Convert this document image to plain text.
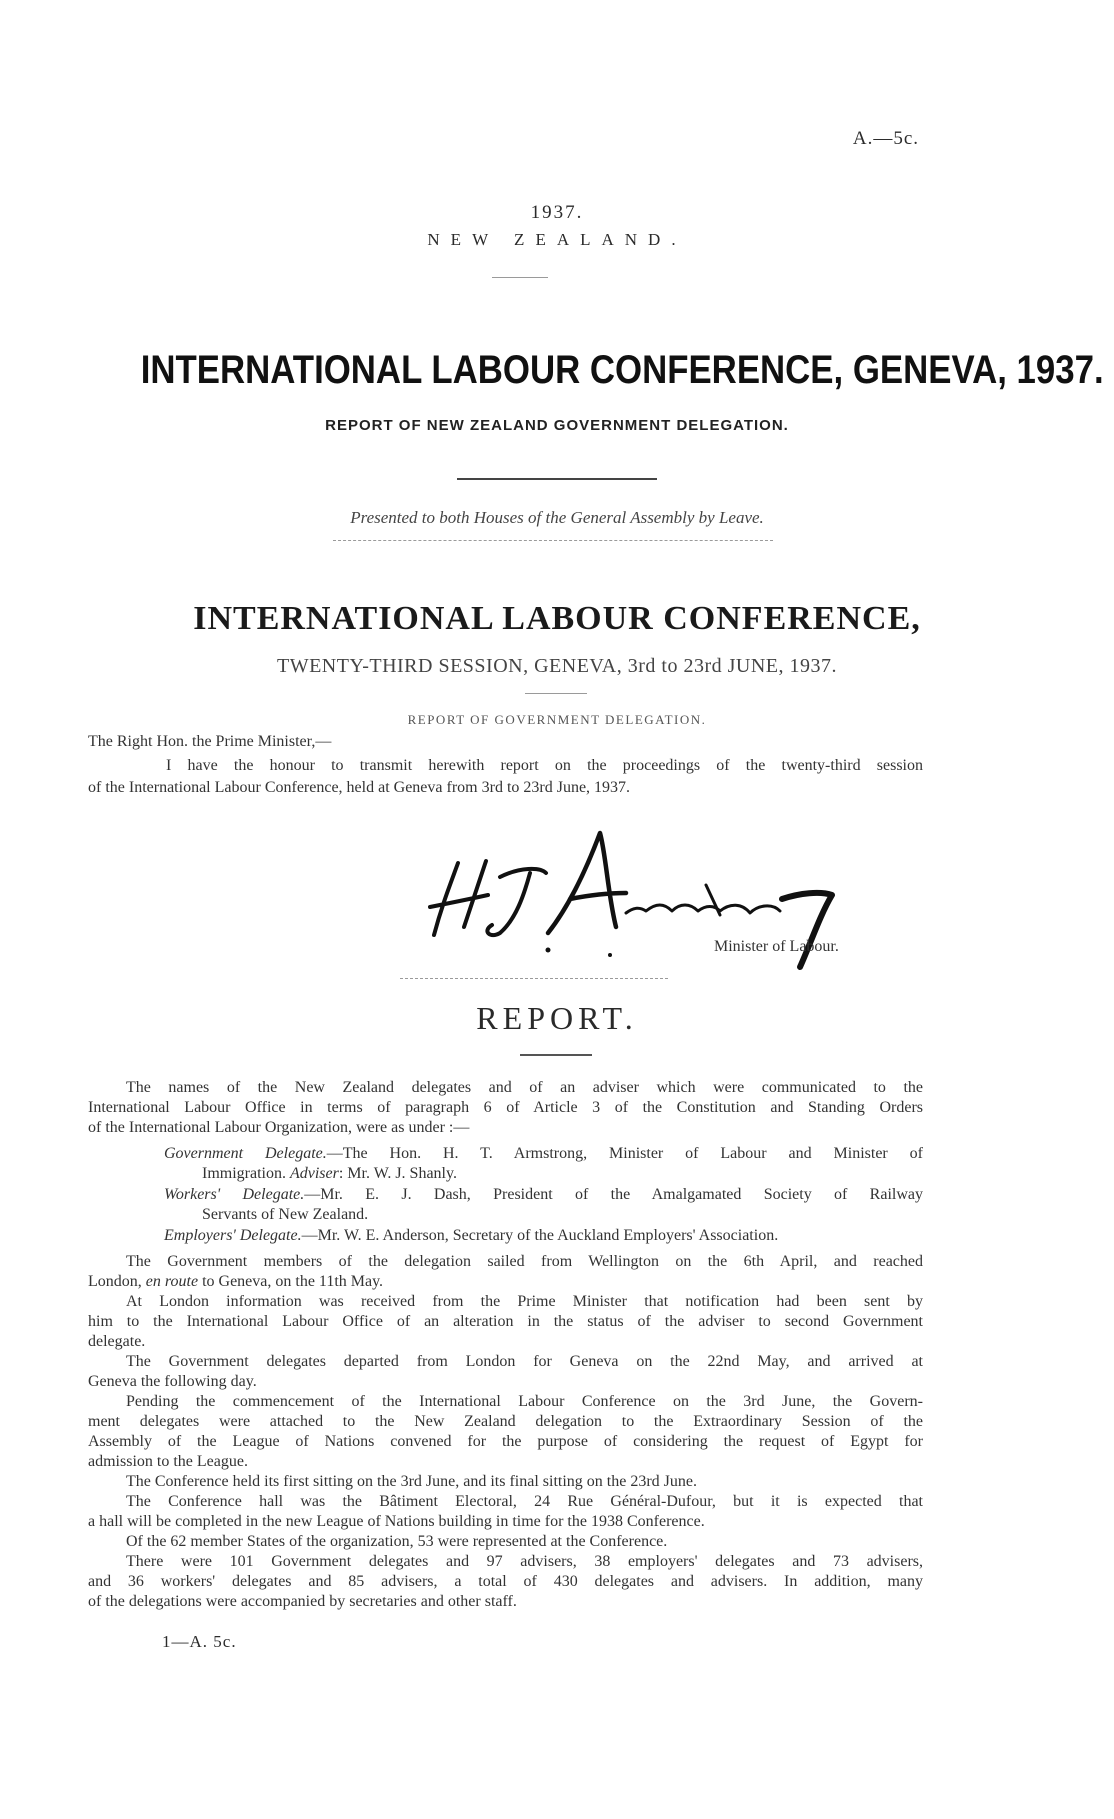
A.—5c.
1937.
NEW ZEALAND.
INTERNATIONAL LABOUR CONFERENCE, GENEVA, 1937.
REPORT OF NEW ZEALAND GOVERNMENT DELEGATION.
Presented to both Houses of the General Assembly by Leave.
INTERNATIONAL LABOUR CONFERENCE,
TWENTY-THIRD SESSION, GENEVA, 3rd to 23rd JUNE, 1937.
REPORT OF GOVERNMENT DELEGATION.
The Right Hon. the Prime Minister,—
I have the honour to transmit herewith report on the proceedings of the twenty-third session
of the International Labour Conference, held at Geneva from 3rd to 23rd June, 1937.
Minister of Labour.
REPORT.
The names of the New Zealand delegates and of an adviser which were communicated to the
International Labour Office in terms of paragraph 6 of Article 3 of the Constitution and Standing Orders
of the International Labour Organization, were as under :—
Government Delegate.—The Hon. H. T. Armstrong, Minister of Labour and Minister of
Immigration. Adviser: Mr. W. J. Shanly.
Workers' Delegate.—Mr. E. J. Dash, President of the Amalgamated Society of Railway
Servants of New Zealand.
Employers' Delegate.—Mr. W. E. Anderson, Secretary of the Auckland Employers' Association.
The Government members of the delegation sailed from Wellington on the 6th April, and reached
London, en route to Geneva, on the 11th May.
At London information was received from the Prime Minister that notification had been sent by
him to the International Labour Office of an alteration in the status of the adviser to second Government
delegate.
The Government delegates departed from London for Geneva on the 22nd May, and arrived at
Geneva the following day.
Pending the commencement of the International Labour Conference on the 3rd June, the Govern-
ment delegates were attached to the New Zealand delegation to the Extraordinary Session of the
Assembly of the League of Nations convened for the purpose of considering the request of Egypt for
admission to the League.
The Conference held its first sitting on the 3rd June, and its final sitting on the 23rd June.
The Conference hall was the Bâtiment Electoral, 24 Rue Général-Dufour, but it is expected that
a hall will be completed in the new League of Nations building in time for the 1938 Conference.
Of the 62 member States of the organization, 53 were represented at the Conference.
There were 101 Government delegates and 97 advisers, 38 employers' delegates and 73 advisers,
and 36 workers' delegates and 85 advisers, a total of 430 delegates and advisers. In addition, many
of the delegations were accompanied by secretaries and other staff.
1—A. 5c.
